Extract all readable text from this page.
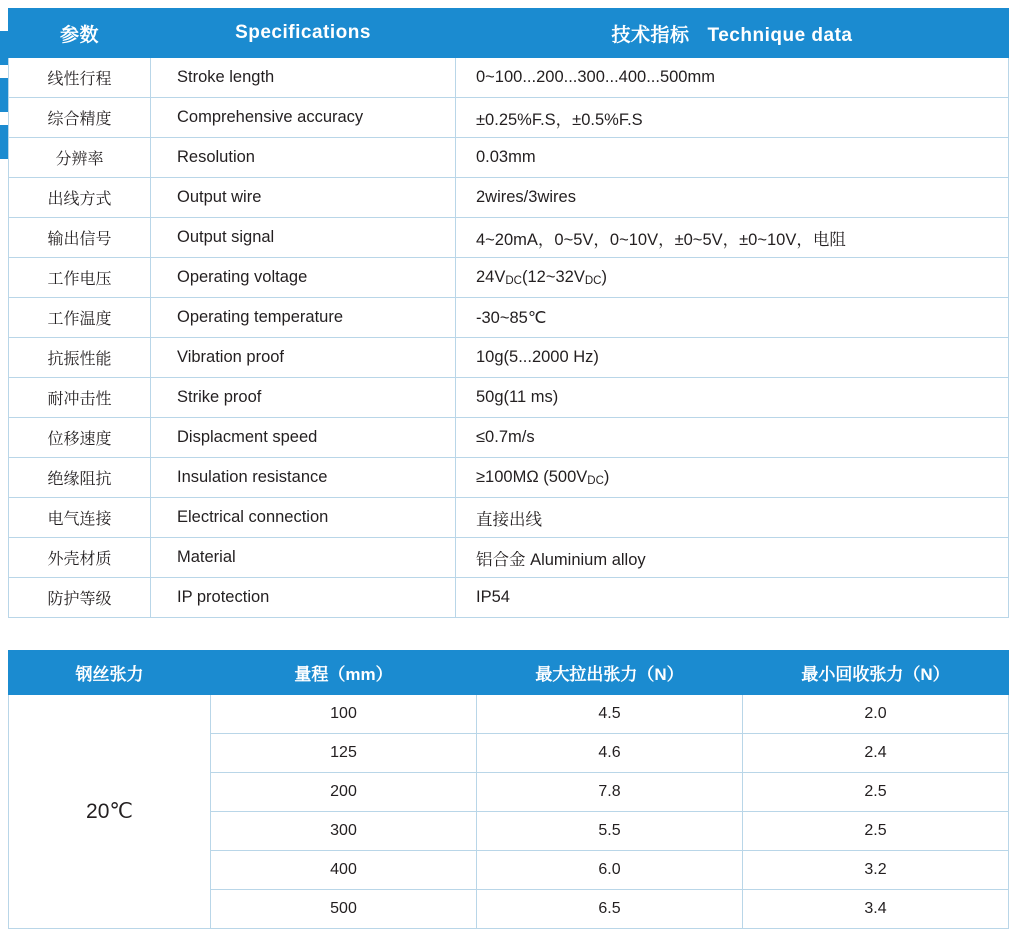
参数	Specifications	技术指标 Technique data
线性行程	Stroke length	0~100...200...300...400...500mm
综合精度	Comprehensive accuracy	±0.25%F.S，±0.5%F.S
分辨率	Resolution	0.03mm
出线方式	Output wire	2wires/3wires
输出信号	Output signal	4~20mA，0~5V，0~10V，±0~5V，±0~10V，电阻
工作电压	Operating voltage	24VDC(12~32VDC)
工作温度	Operating temperature	-30~85℃
抗振性能	Vibration proof	10g(5...2000 Hz)
耐冲击性	Strike proof	50g(11 ms)
位移速度	Displacment speed	≤0.7m/s
绝缘阻抗	Insulation resistance	≥100MΩ (500VDC)
电气连接	Electrical connection	直接出线
外壳材质	Material	铝合金 Aluminium alloy
防护等级	IP protection	IP54
钢丝张力	量程（mm）	最大拉出张力（N）	最小回收张力（N）
20℃	100	4.5	2.0
	125	4.6	2.4
	200	7.8	2.5
	300	5.5	2.5
	400	6.0	3.2
	500	6.5	3.4
